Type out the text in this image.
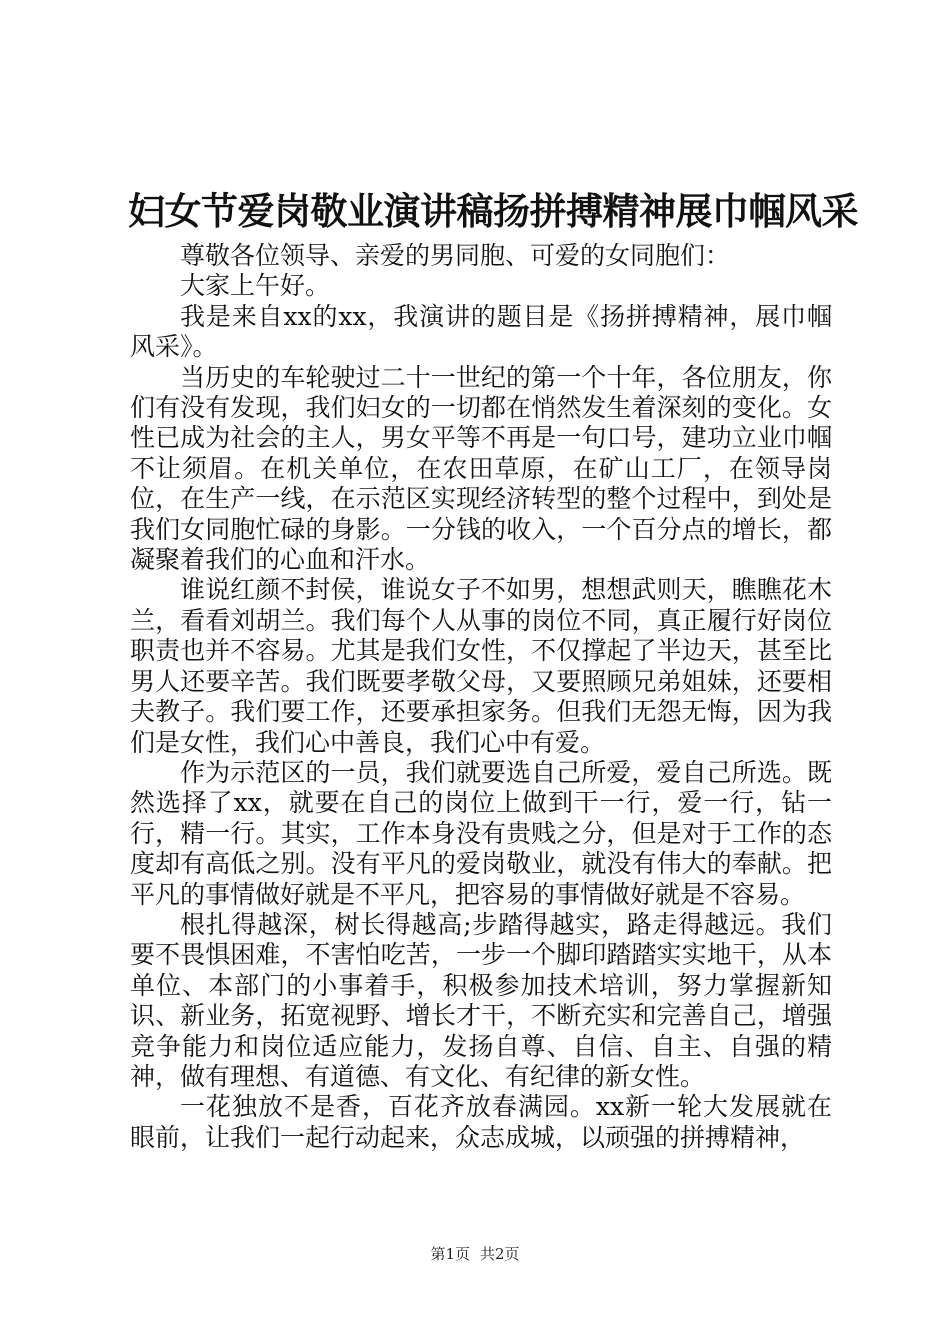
妇女节爱岗敬业演讲稿扬拼搏精神展巾帼风采

尊敬各位领导、亲爱的男同胞、可爱的女同胞们：

大家上午好。

我是来自xx的xx，我演讲的题目是《扬拼搏精神，展巾帼风采》。

当历史的车轮驶过二十一世纪的第一个十年，各位朋友，你们有没有发现，我们妇女的一切都在悄然发生着深刻的变化。女性已成为社会的主人，男女平等不再是一句口号，建功立业巾帼不让须眉。在机关单位，在农田草原，在矿山工厂，在领导岗位，在生产一线，在示范区实现经济转型的整个过程中，到处是我们女同胞忙碌的身影。一分钱的收入，一个百分点的增长，都凝聚着我们的心血和汗水。

谁说红颜不封侯，谁说女子不如男，想想武则天，瞧瞧花木兰，看看刘胡兰。我们每个人从事的岗位不同，真正履行好岗位职责也并不容易。尤其是我们女性，不仅撑起了半边天，甚至比男人还要辛苦。我们既要孝敬父母，又要照顾兄弟姐妹，还要相夫教子。我们要工作，还要承担家务。但我们无怨无悔，因为我们是女性，我们心中善良，我们心中有爱。

作为示范区的一员，我们就要选自己所爱，爱自己所选。既然选择了xx，就要在自己的岗位上做到干一行，爱一行，钻一行，精一行。其实，工作本身没有贵贱之分，但是对于工作的态度却有高低之别。没有平凡的爱岗敬业，就没有伟大的奉献。把平凡的事情做好就是不平凡，把容易的事情做好就是不容易。

根扎得越深，树长得越高;步踏得越实，路走得越远。我们要不畏惧困难，不害怕吃苦，一步一个脚印踏踏实实地干，从本单位、本部门的小事着手，积极参加技术培训，努力掌握新知识、新业务，拓宽视野、增长才干，不断充实和完善自己，增强竞争能力和岗位适应能力，发扬自尊、自信、自主、自强的精神，做有理想、有道德、有文化、有纪律的新女性。

一花独放不是香，百花齐放春满园。xx新一轮大发展就在眼前，让我们一起行动起来，众志成城，以顽强的拼搏精神，

第1页 共2页
